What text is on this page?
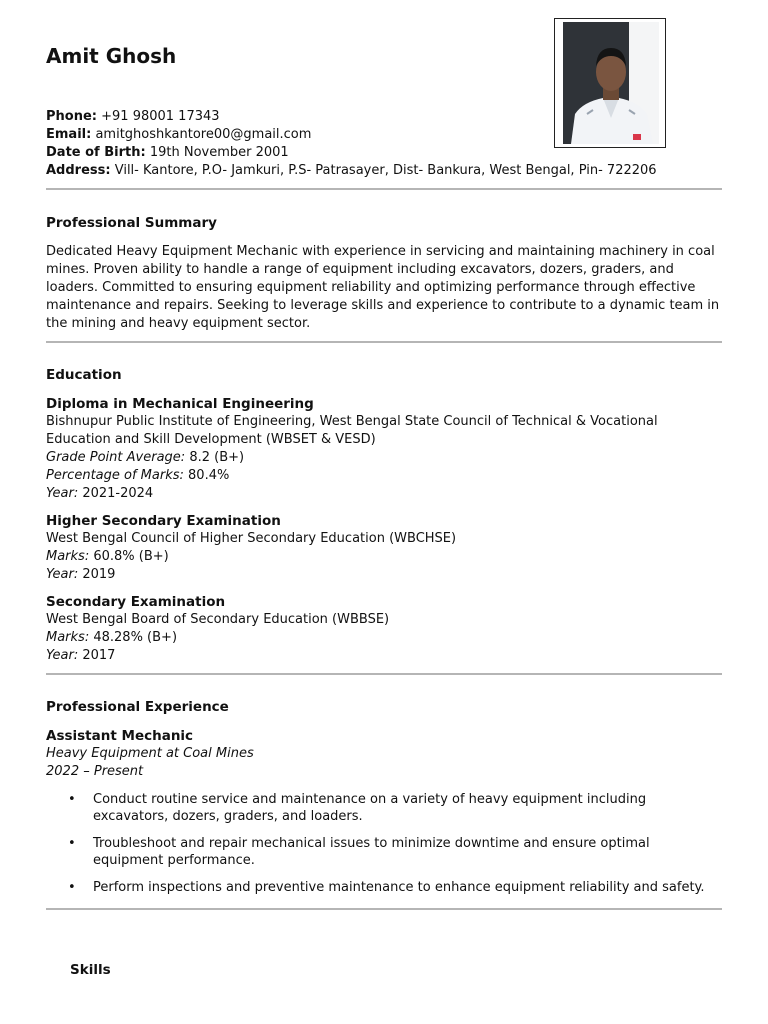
Amit Ghosh
Phone: +91 98001 17343
Email: amitghoshkantore00@gmail.com
Date of Birth: 19th November 2001
Address: Vill- Kantore, P.O- Jamkuri, P.S- Patrasayer, Dist- Bankura, West Bengal, Pin- 722206
Professional Summary
Dedicated Heavy Equipment Mechanic with experience in servicing and maintaining machinery in coal mines. Proven ability to handle a range of equipment including excavators, dozers, graders, and loaders. Committed to ensuring equipment reliability and optimizing performance through effective maintenance and repairs. Seeking to leverage skills and experience to contribute to a dynamic team in the mining and heavy equipment sector.
Education
Diploma in Mechanical Engineering
Bishnupur Public Institute of Engineering, West Bengal State Council of Technical & Vocational Education and Skill Development (WBSET & VESD)
Grade Point Average: 8.2 (B+)
Percentage of Marks: 80.4%
Year: 2021-2024
Higher Secondary Examination
West Bengal Council of Higher Secondary Education (WBCHSE)
Marks: 60.8% (B+)
Year: 2019
Secondary Examination
West Bengal Board of Secondary Education (WBBSE)
Marks: 48.28% (B+)
Year: 2017
Professional Experience
Assistant Mechanic
Heavy Equipment at Coal Mines
2022 – Present
• Conduct routine service and maintenance on a variety of heavy equipment including excavators, dozers, graders, and loaders.
• Troubleshoot and repair mechanical issues to minimize downtime and ensure optimal equipment performance.
• Perform inspections and preventive maintenance to enhance equipment reliability and safety.
Skills
